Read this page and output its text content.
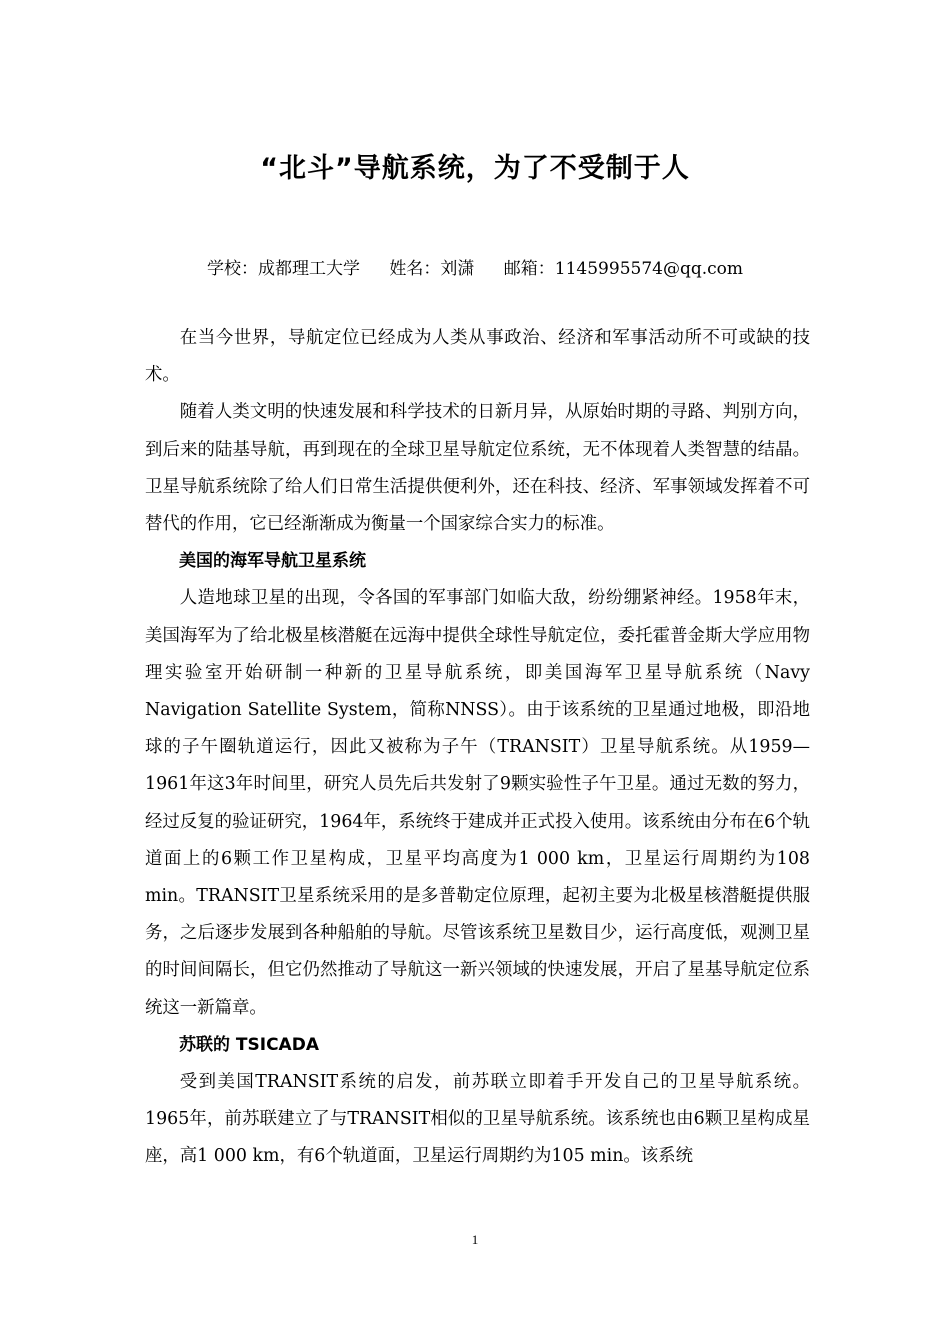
“北斗”导航系统，为了不受制于人
学校：成都理工大学 姓名：刘潇 邮箱：1145995574@qq.com

在当今世界，导航定位已经成为人类从事政治、经济和军事活动所不可或缺的技术。

随着人类文明的快速发展和科学技术的日新月异，从原始时期的寻路、判别方向，到后来的陆基导航，再到现在的全球卫星导航定位系统，无不体现着人类智慧的结晶。卫星导航系统除了给人们日常生活提供便利外，还在科技、经济、军事领域发挥着不可替代的作用，它已经渐渐成为衡量一个国家综合实力的标准。

美国的海军导航卫星系统

人造地球卫星的出现，令各国的军事部门如临大敌，纷纷绷紧神经。1958年末，美国海军为了给北极星核潜艇在远海中提供全球性导航定位，委托霍普金斯大学应用物理实验室开始研制一种新的卫星导航系统，即美国海军卫星导航系统（Navy Navigation Satellite System，简称NNSS）。由于该系统的卫星通过地极，即沿地球的子午圈轨道运行，因此又被称为子午（TRANSIT）卫星导航系统。从1959—1961年这3年时间里，研究人员先后共发射了9颗实验性子午卫星。通过无数的努力，经过反复的验证研究，1964年，系统终于建成并正式投入使用。该系统由分布在6个轨道面上的6颗工作卫星构成，卫星平均高度为1 000 km，卫星运行周期约为108 min。TRANSIT卫星系统采用的是多普勒定位原理，起初主要为北极星核潜艇提供服务，之后逐步发展到各种船舶的导航。尽管该系统卫星数目少，运行高度低，观测卫星的时间间隔长，但它仍然推动了导航这一新兴领域的快速发展，开启了星基导航定位系统这一新篇章。

苏联的 TSICADA

受到美国TRANSIT系统的启发，前苏联立即着手开发自己的卫星导航系统。1965年，前苏联建立了与TRANSIT相似的卫星导航系统。该系统也由6颗卫星构成星座，高1 000 km，有6个轨道面，卫星运行周期约为105 min。该系统

1
